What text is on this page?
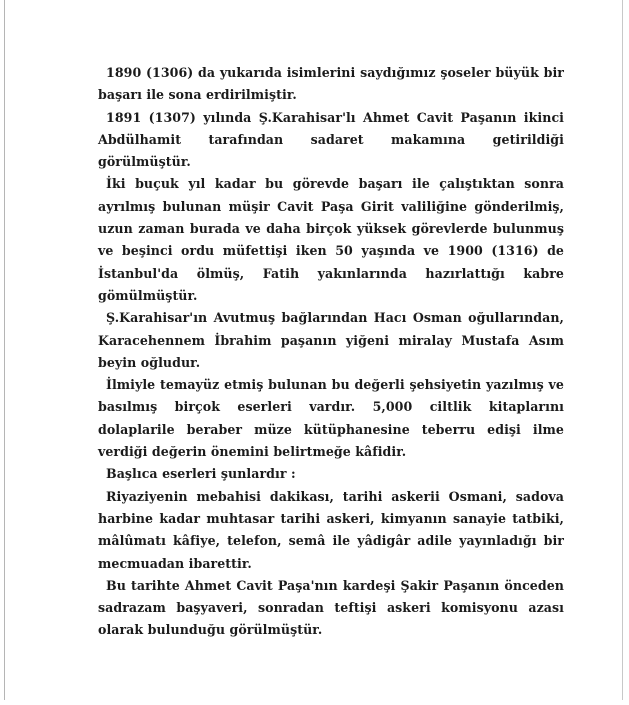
1890 (1306) da yukarıda isimlerini saydığımız şoseler büyük bir başarı ile sona erdirilmiştir.

1891 (1307) yılında Ş.Karahisar'lı Ahmet Cavit Paşanın ikinci Abdülhamit tarafından sadaret makamına getirildiği görülmüştür.

İki buçuk yıl kadar bu görevde başarı ile çalıştıktan sonra ayrılmış bulunan müşir Cavit Paşa Girit valiliğine gönderilmiş, uzun zaman burada ve daha birçok yüksek görevlerde bulunmuş ve beşinci ordu müfettişi iken 50 yaşında ve 1900 (1316) de İstanbul'da ölmüş, Fatih yakınlarında hazırlattığı kabre gömülmüştür.

Ş.Karahisar'ın Avutmuş bağlarından Hacı Osman oğullarından, Karacehennem İbrahim paşanın yiğeni miralay Mustafa Asım beyin oğludur.

İlmiyle temayüz etmiş bulunan bu değerli şehsiyetin yazılmış ve basılmış birçok eserleri vardır. 5,000 ciltlik kitaplarını dolaplarile beraber müze kütüphanesine teberru edişi ilme verdiği değerin önemini belirtmeğe kâfidir.

Başlıca eserleri şunlardır :

Riyaziyenin mebahisi dakikası, tarihi askerii Osmani, sadova harbine kadar muhtasar tarihi askeri, kimyanın sanayie tatbiki, mâlûmatı kâfiye, telefon, semâ ile yâdigâr adile yayınladığı bir mecmuadan ibarettir.

Bu tarihte Ahmet Cavit Paşa'nın kardeşi Şakir Paşanın önceden sadrazam başyaveri, sonradan teftişi askeri komisyonu azası olarak bulunduğu görülmüştür.
